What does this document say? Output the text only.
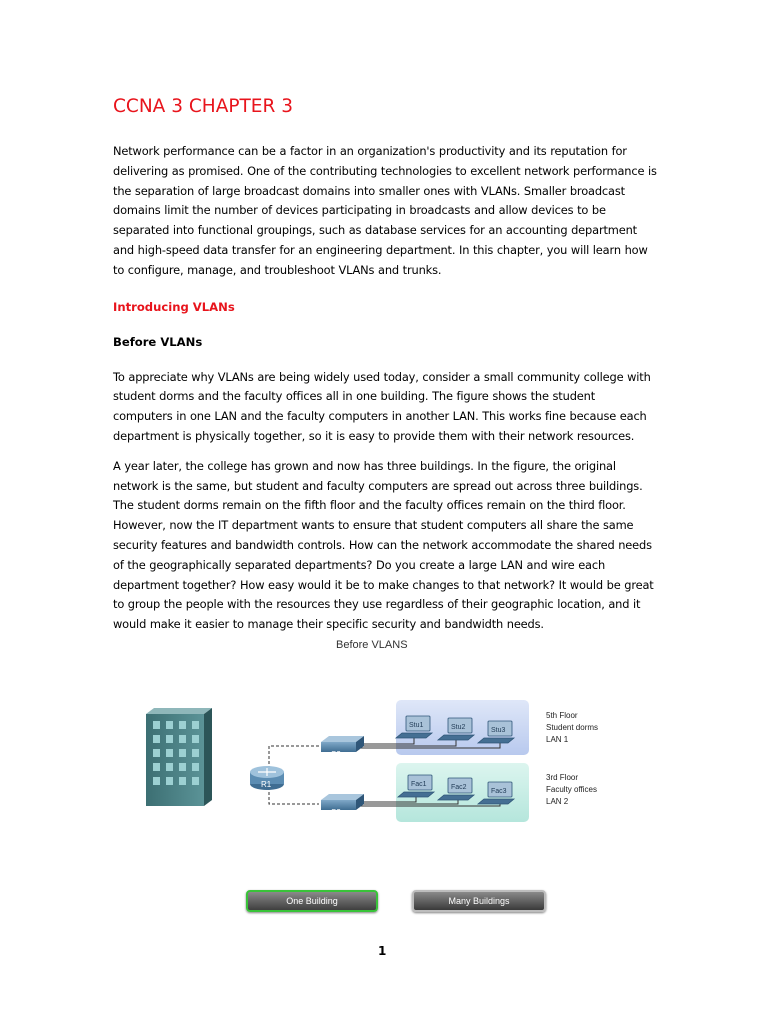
CCNA 3 CHAPTER 3

Network performance can be a factor in an organization's productivity and its reputation for delivering as promised. One of the contributing technologies to excellent network performance is the separation of large broadcast domains into smaller ones with VLANs. Smaller broadcast domains limit the number of devices participating in broadcasts and allow devices to be separated into functional groupings, such as database services for an accounting department and high-speed data transfer for an engineering department. In this chapter, you will learn how to configure, manage, and troubleshoot VLANs and trunks.

Introducing VLANs
Before VLANs

To appreciate why VLANs are being widely used today, consider a small community college with student dorms and the faculty offices all in one building. The figure shows the student computers in one LAN and the faculty computers in another LAN. This works fine because each department is physically together, so it is easy to provide them with their network resources.

A year later, the college has grown and now has three buildings. In the figure, the original network is the same, but student and faculty computers are spread out across three buildings. The student dorms remain on the fifth floor and the faculty offices remain on the third floor. However, now the IT department wants to ensure that student computers all share the same security features and bandwidth controls. How can the network accommodate the shared needs of the geographically separated departments? Do you create a large LAN and wire each department together? How easy would it be to make changes to that network? It would be great to group the people with the resources they use regardless of their geographic location, and it would make it easier to manage their specific security and bandwidth needs.

Before VLANS
R1
S2
S3
Stu1	Stu2	Stu3
Fac1	Fac2
Fac3
5th Floor
Student dorms
LAN 1
3rd Floor
Faculty offices
LAN 2
One Building	Many Buildings
1
